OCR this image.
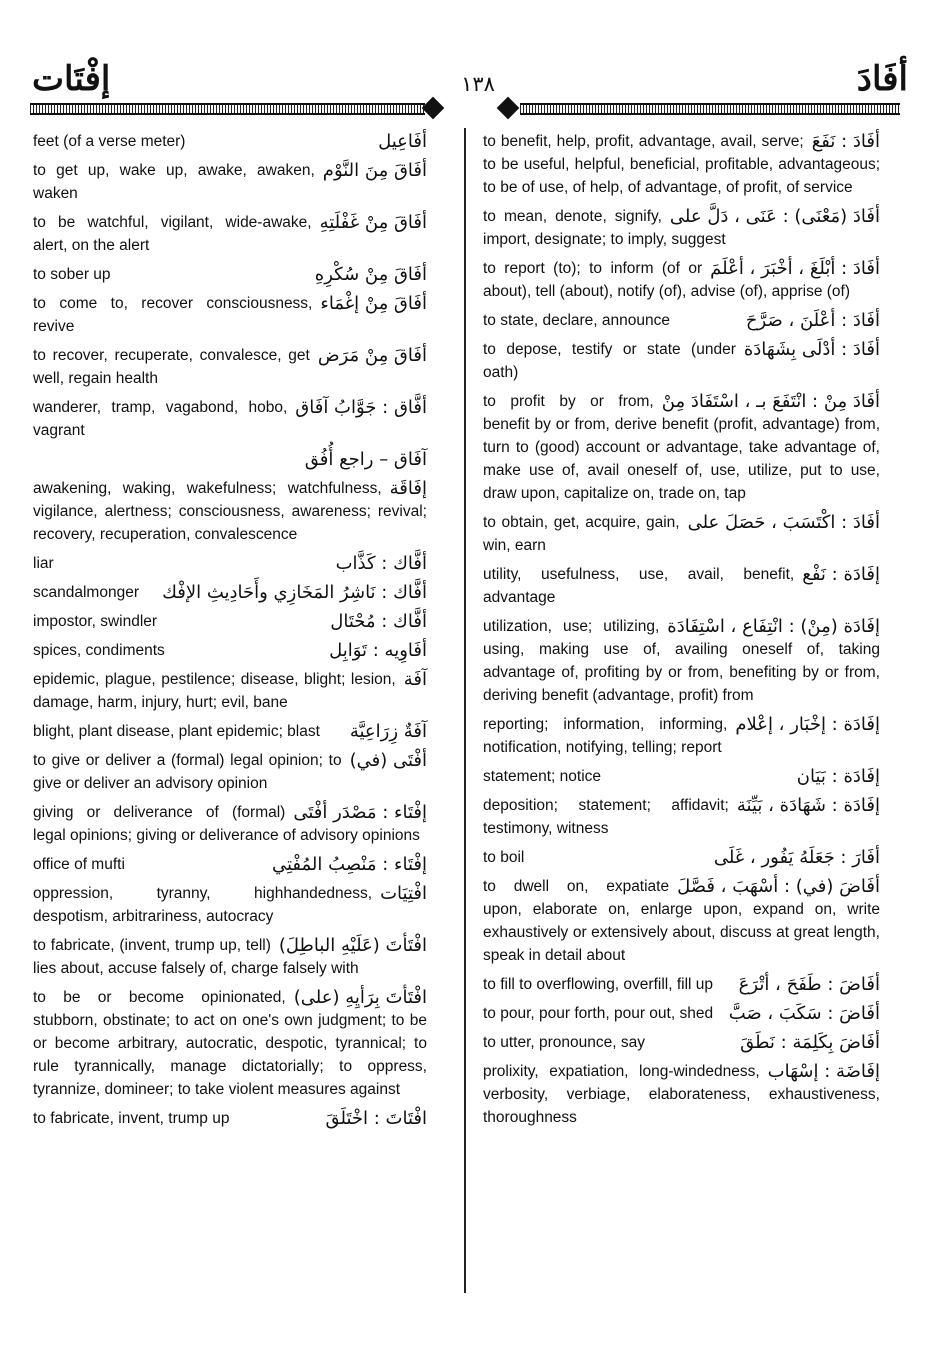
إفْتَات	١٣٨	أفَادَ
أفَاعِيل
feet (of a verse meter)
أفَاقَ مِنَ النَّوْم
to get up, wake up, awake, awaken, waken
أفَاقَ مِنْ غَفْلَتِهِ
to be watchful, vigilant, wide-awake, alert, on the alert
أفَاقَ مِنْ سُكْرِهِ
to sober up
أفَاقَ مِنْ إغْمَاء
to come to, recover consciousness, revive
أفَاقَ مِنْ مَرَض
to recover, recuperate, convalesce, get well, regain health
أفَّاق : جَوَّابُ آفَاق
wanderer, tramp, vagabond, hobo, vagrant
آفَاق – راجع أُفُق
إفَاقَة
awakening, waking, wakefulness; watchfulness, vigilance, alertness; consciousness, awareness; revival; recovery, recuperation, convalescence
أفَّاك : كَذَّاب
liar
أفَّاك : نَاشِرُ المَخَازِي وأَحَادِيثِ الإفْك
scandalmonger
أفَّاك : مُحْتَال
impostor, swindler
أفَاوِيه : تَوَابِل
spices, condiments
آفَة
epidemic, plague, pestilence; disease, blight; lesion, damage, harm, injury, hurt; evil, bane
آفَةٌ زِرَاعِيَّة
blight, plant disease, plant epidemic; blast
أفْتَى (في)
to give or deliver a (formal) legal opinion; to give or deliver an advisory opinion
إفْتَاء : مَصْدَر أفْتَى
giving or deliverance of (formal) legal opinions; giving or deliverance of advisory opinions
إفْتَاء : مَنْصِبُ المُفْتِي
office of mufti
افْتِيَات
oppression, tyranny, highhandedness, despotism, arbitrariness, autocracy
افْتَأتَ (عَلَيْهِ الباطِلَ)
to fabricate, (invent, trump up, tell) lies about, accuse falsely of, charge falsely with
افْتَأتَ بِرَأيِهِ (على)
to be or become opinionated, stubborn, obstinate; to act on one's own judgment; to be or become arbitrary, autocratic, despotic, tyrannical; to rule tyrannically, manage dictatorially; to oppress, tyrannize, domineer; to take violent measures against
افْتَاتَ : اخْتَلَقَ
to fabricate, invent, trump up
أفَادَ : نَفَعَ
to benefit, help, profit, advantage, avail, serve; to be useful, helpful, beneficial, profitable, advantageous; to be of use, of help, of advantage, of profit, of service
أفَادَ (مَعْنَى) : عَنَى ، دَلَّ على
to mean, denote, signify, import, designate; to imply, suggest
أفَادَ : أبْلَغَ ، أخْبَرَ ، أعْلَمَ
to report (to); to inform (of or about), tell (about), notify (of), advise (of), apprise (of)
أفَادَ : أعْلَنَ ، صَرَّحَ
to state, declare, announce
أفَادَ : أدْلَى بِشَهَادَة
to depose, testify or state (under oath)
أفَادَ مِنْ : انْتَفَعَ بـ ، اسْتَفَادَ مِنْ
to profit by or from, benefit by or from, derive benefit (profit, advantage) from, turn to (good) account or advantage, take advantage of, make use of, avail oneself of, use, utilize, put to use, draw upon, capitalize on, trade on, tap
أفَادَ : اكْتَسَبَ ، حَصَلَ على
to obtain, get, acquire, gain, win, earn
إفَادَة : نَفْع
utility, usefulness, use, avail, benefit, advantage
إفَادَة (مِنْ) : انْتِفَاع ، اسْتِفَادَة
utilization, use; utilizing, using, making use of, availing oneself of, taking advantage of, profiting by or from, benefiting by or from, deriving benefit (advantage, profit) from
إفَادَة : إخْبَار ، إعْلام
reporting; information, informing, notification, notifying, telling; report
إفَادَة : بَيَان
statement; notice
إفَادَة : شَهَادَة ، بَيِّنَة
deposition; statement; affidavit; testimony, witness
أفَارَ : جَعَلَهُ يَفُور ، غَلَى
to boil
أفَاضَ (في) : أسْهَبَ ، فَصَّلَ
to dwell on, expatiate upon, elaborate on, enlarge upon, expand on, write exhaustively or extensively about, discuss at great length, speak in detail about
أفَاضَ : طَفَحَ ، أتْرَعَ
to fill to overflowing, overfill, fill up
أفَاضَ : سَكَبَ ، صَبَّ
to pour, pour forth, pour out, shed
أفَاضَ بِكَلِمَة : نَطَقَ
to utter, pronounce, say
إفَاضَة : إسْهَاب
prolixity, expatiation, long-windedness, verbosity, verbiage, elaborateness, exhaustiveness, thoroughness
